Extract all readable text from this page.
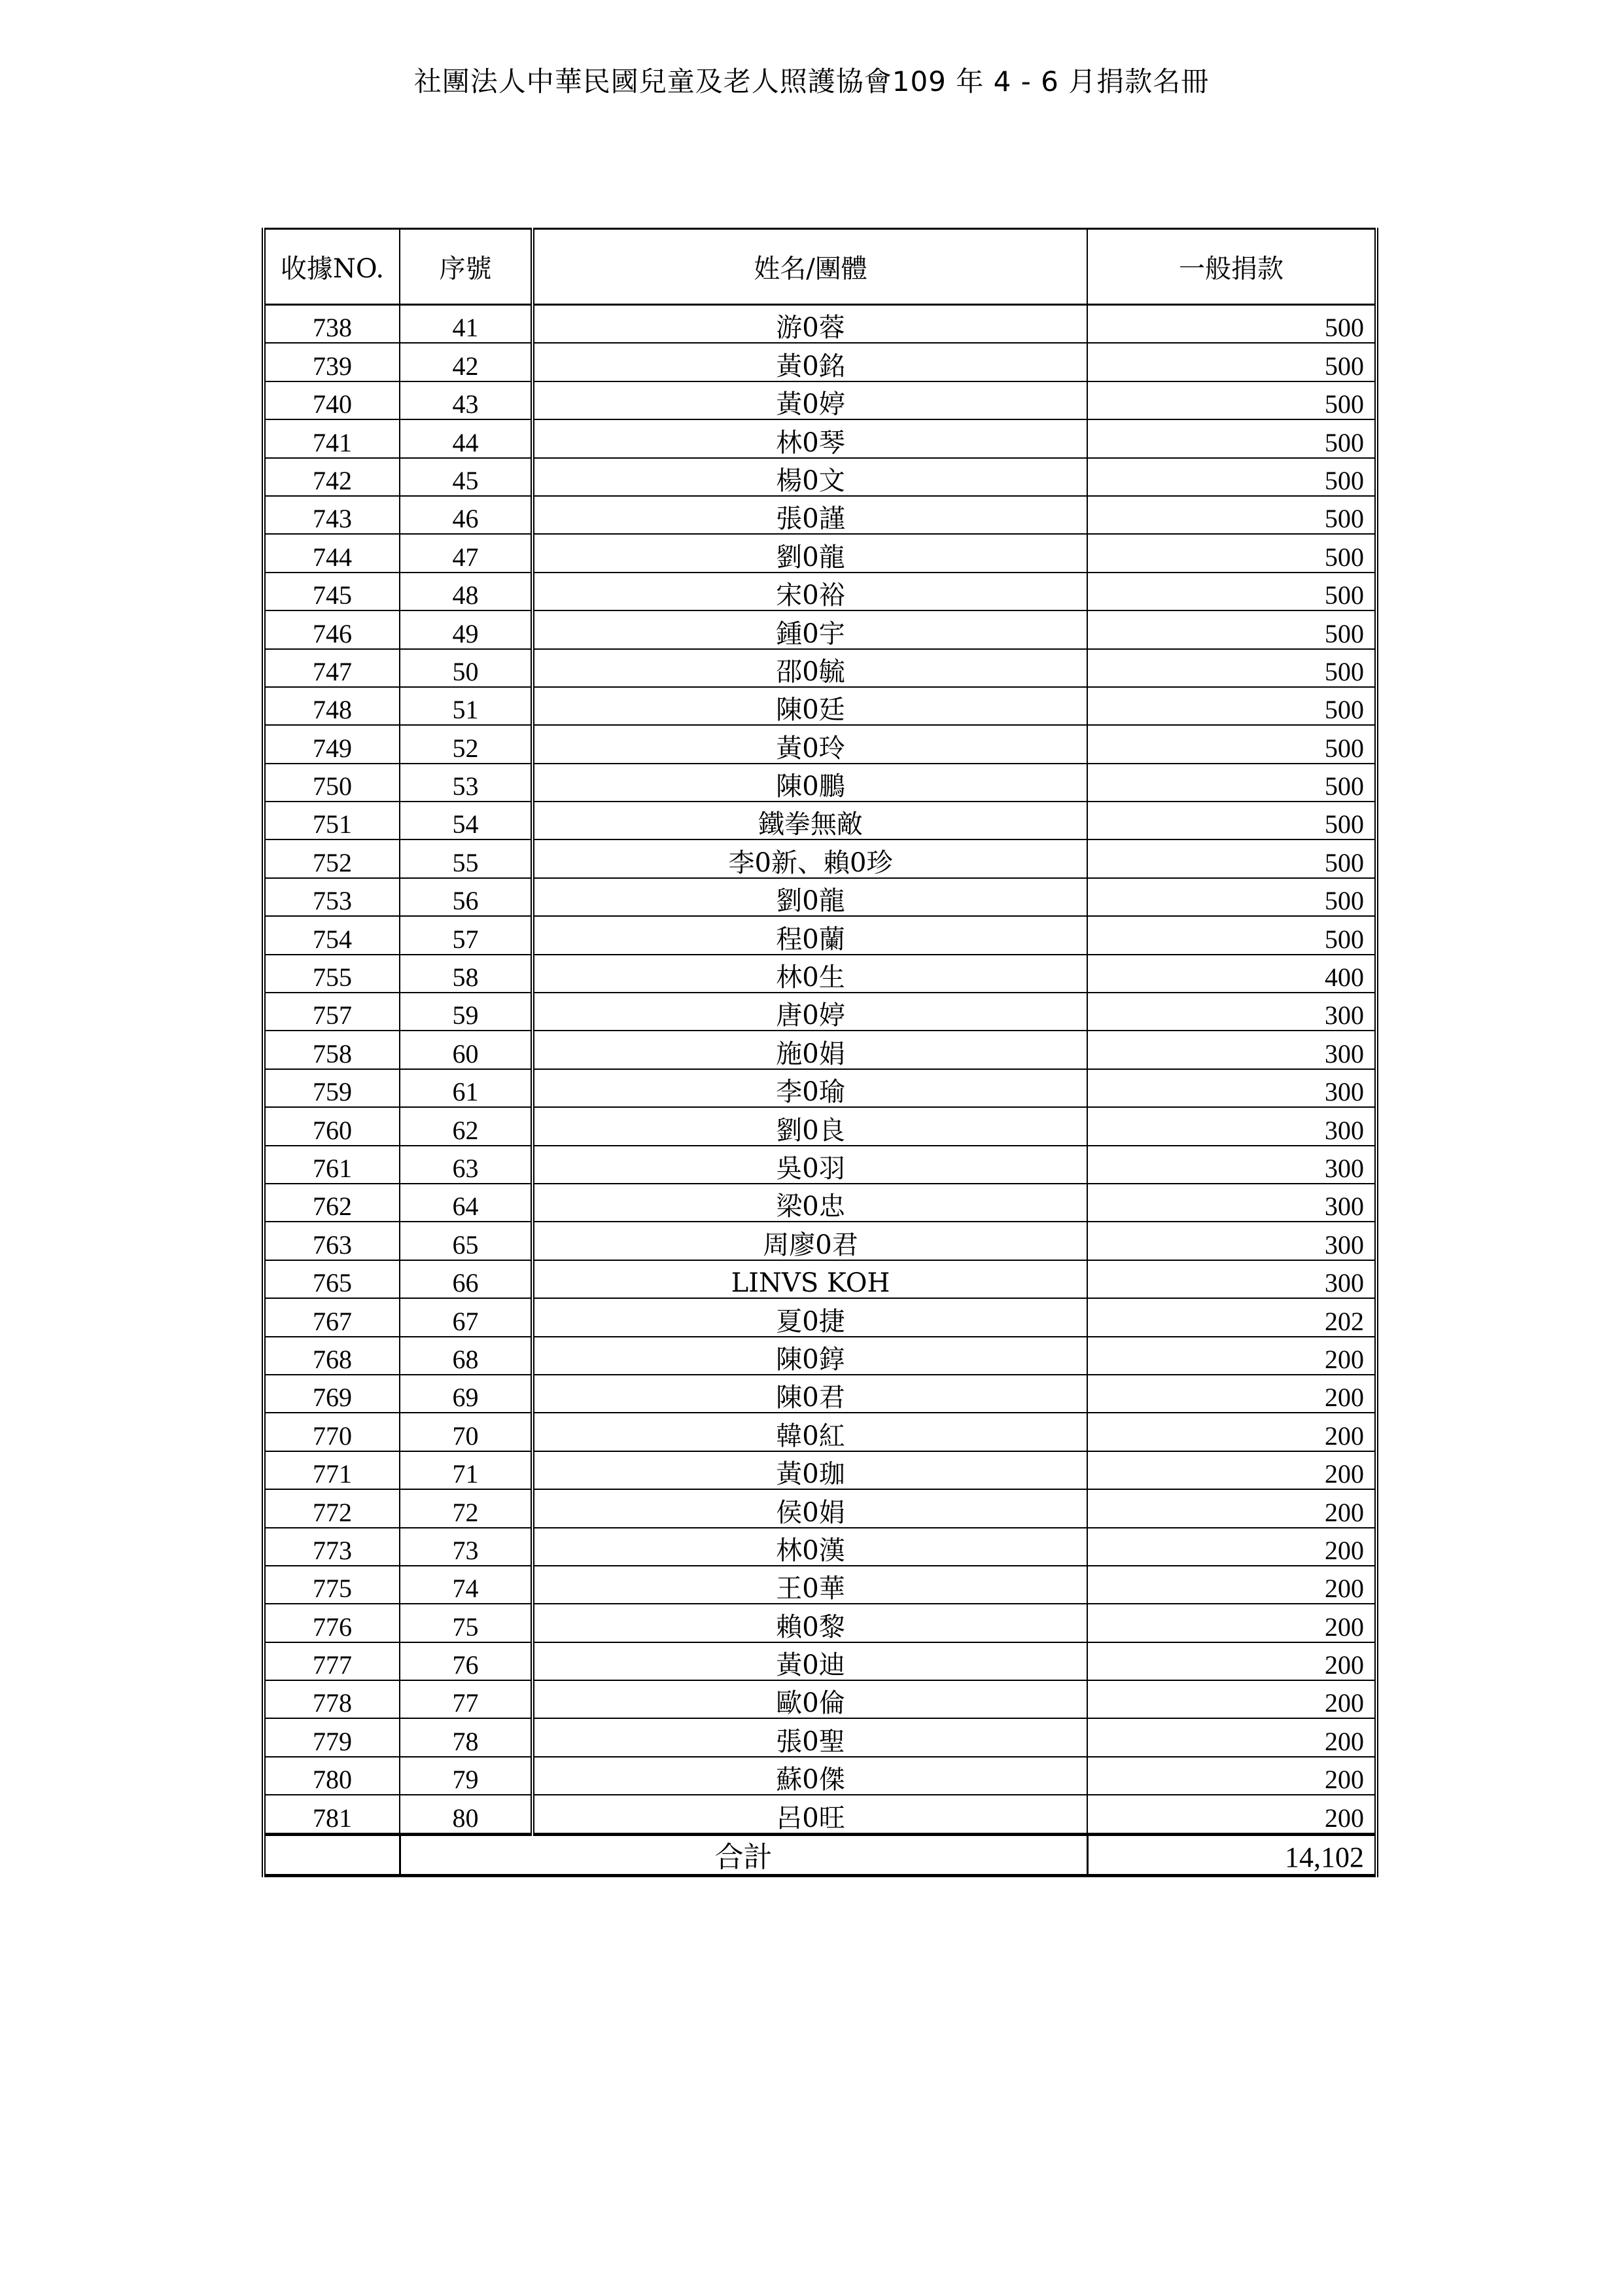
社團法人中華民國兒童及老人照護協會109 年 4 - 6 月捐款名冊
收據NO.	序號	姓名/團體	一般捐款
738	41	游0蓉	500
739	42	黃0銘	500
740	43	黃0婷	500
741	44	林0琴	500
742	45	楊0文	500
743	46	張0謹	500
744	47	劉0龍	500
745	48	宋0裕	500
746	49	鍾0宇	500
747	50	邵0毓	500
748	51	陳0廷	500
749	52	黃0玲	500
750	53	陳0鵬	500
751	54	鐵拳無敵	500
752	55	李0新、賴0珍	500
753	56	劉0龍	500
754	57	程0蘭	500
755	58	林0生	400
757	59	唐0婷	300
758	60	施0娟	300
759	61	李0瑜	300
760	62	劉0良	300
761	63	吳0羽	300
762	64	梁0忠	300
763	65	周廖0君	300
765	66	LINVS KOH	300
767	67	夏0捷	202
768	68	陳0錞	200
769	69	陳0君	200
770	70	韓0紅	200
771	71	黃0珈	200
772	72	侯0娟	200
773	73	林0漢	200
775	74	王0華	200
776	75	賴0黎	200
777	76	黃0迪	200
778	77	歐0倫	200
779	78	張0聖	200
780	79	蘇0傑	200
781	80	呂0旺	200
	合計		14,102
